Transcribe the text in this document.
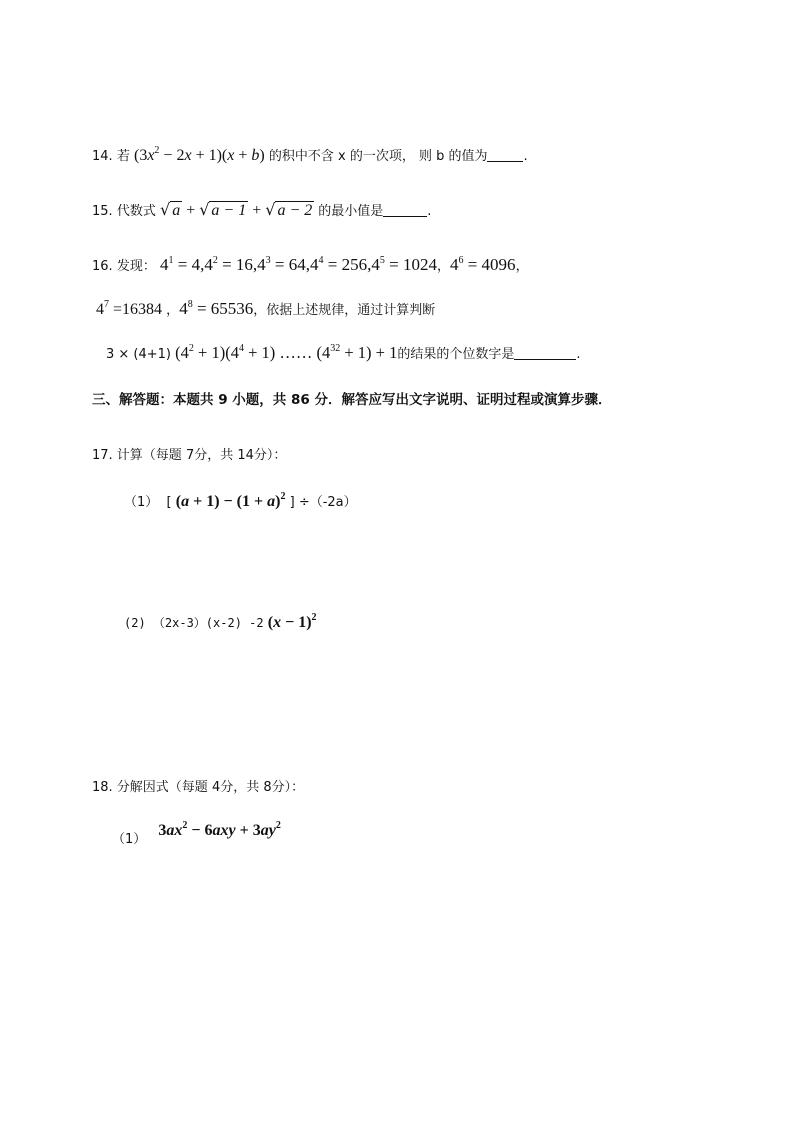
14. 若 $(3x^2 - 2x + 1)(x + b)$ 的积中不含 x 的一次项， 则 b 的值为	.
15. 代数式 √ a + √ a − 1 + √ a − 2 的最小值是	.
16. 发现： $4^1 = 4,4^2 = 16,4^3 = 64,4^4 = 256,4^5 = 1024$，$4^6 = 4096$，
$4^7 =16384$ ，$4^8 = 65536$，依据上述规律，通过计算判断
3 × (4+1) $(4^2 + 1)(4^4 + 1)$ …… $(4^{32} + 1) + 1$的结果的个位数字是	.
三、解答题：本题共 9 小题，共 86 分．解答应写出文字说明、证明过程或演算步骤．
17. 计算（每题 7分，共 14分）：
（1）  [ $(a + 1) - (1 + a)^2$ ] ÷（-2a）
(2) （2x-3）(x-2) -2 $(x - 1)^2$
18. 分解因式（每题 4分，共 8分）：
（1） $3ax^2 - 6axy + 3ay^2$
